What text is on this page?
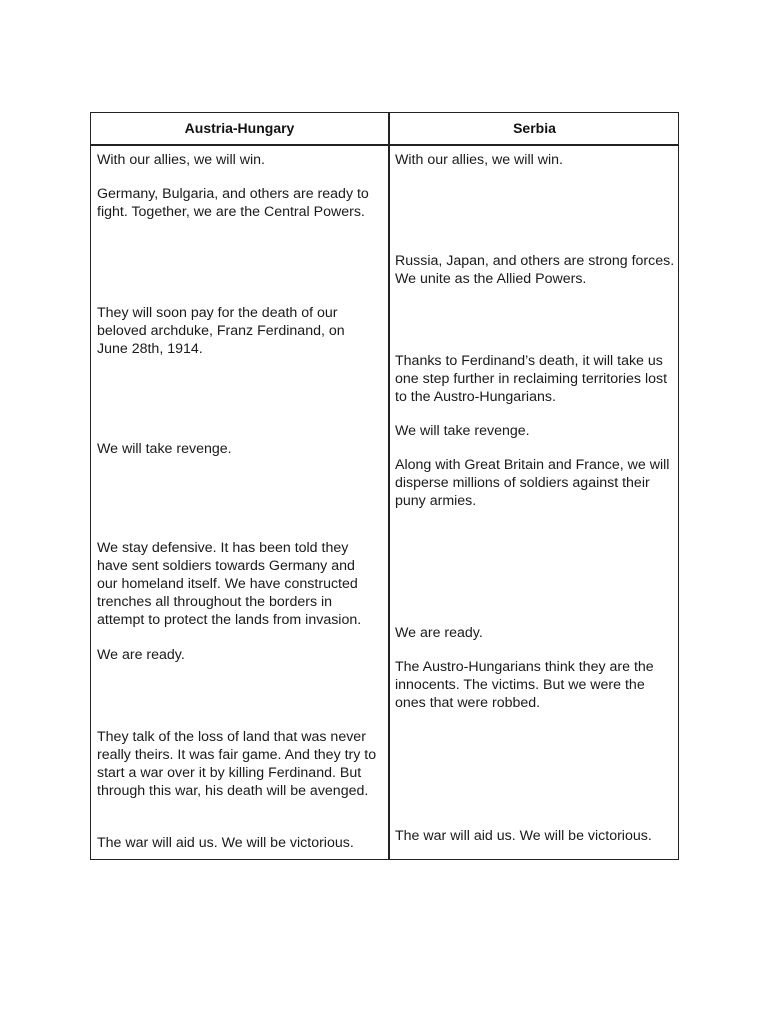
Austria-Hungary	Serbia

With our allies, we will win.

Germany, Bulgaria, and others are ready to fight. Together, we are the Central Powers.

They will soon pay for the death of our beloved archduke, Franz Ferdinand, on June 28th, 1914.

We will take revenge.

We stay defensive. It has been told they have sent soldiers towards Germany and our homeland itself. We have constructed trenches all throughout the borders in attempt to protect the lands from invasion.

We are ready.

They talk of the loss of land that was never really theirs. It was fair game. And they try to start a war over it by killing Ferdinand. But through this war, his death will be avenged.

The war will aid us. We will be victorious.

With our allies, we will win.

Russia, Japan, and others are strong forces. We unite as the Allied Powers.

Thanks to Ferdinand’s death, it will take us one step further in reclaiming territories lost to the Austro-Hungarians.

We will take revenge.

Along with Great Britain and France, we will disperse millions of soldiers against their puny armies.

We are ready.

The Austro-Hungarians think they are the innocents. The victims. But we were the ones that were robbed.

The war will aid us. We will be victorious.
